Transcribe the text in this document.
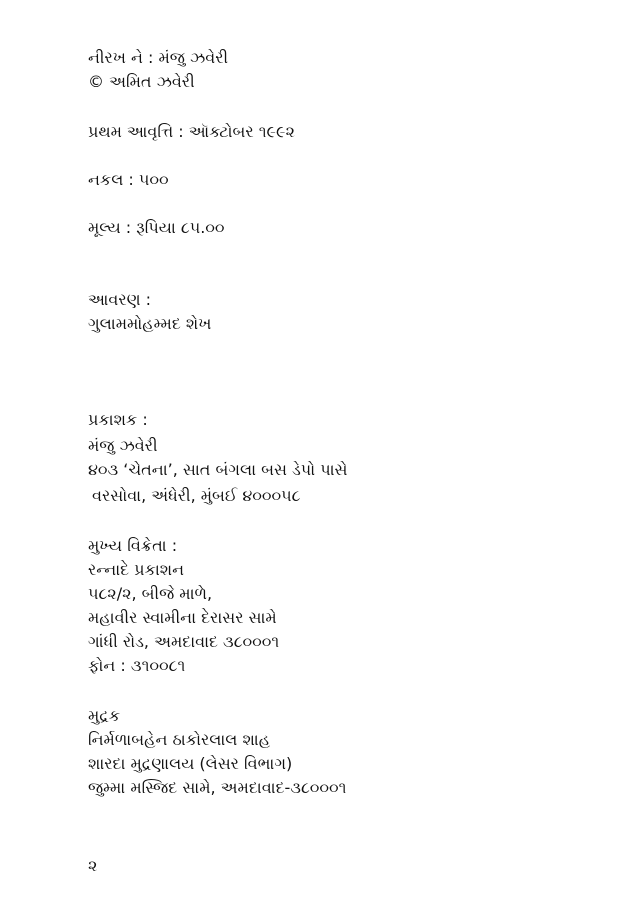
નીરખ ને : મંજુ ઝવેરી
© અમિત ઝવેરી
પ્રથમ આવૃત્તિ : ઑક્ટોબર ૧૯૯૨
નકલ : ૫૦૦
મૂલ્ય : રૂપિયા ૮૫.૦૦
આવરણ :
ગુલામમોહમ્મદ શેખ
પ્રકાશક :
મંજુ ઝવેરી
૪૦૩ ‘ચેતના’, સાત બંગલા બસ ડેપો પાસે
વરસોવા, અંધેરી, મુંબઈ ૪૦૦૦૫૮
મુખ્ય વિક્રેતા :
રન્નાદે પ્રકાશન
૫૮૨/૨, બીજે માળે,
મહાવીર સ્વામીના દેરાસર સામે
ગાંધી રોડ, અમદાવાદ ૩૮૦૦૦૧
ફોન : ૩૧૦૦૮૧
મુદ્રક
નિર્મળાબહેન ઠાકોરલાલ શાહ
શારદા મુદ્રણાલય (લેસર વિભાગ)
જુમ્મા મસ્જિદ સામે, અમદાવાદ-૩૮૦૦૦૧
૨
